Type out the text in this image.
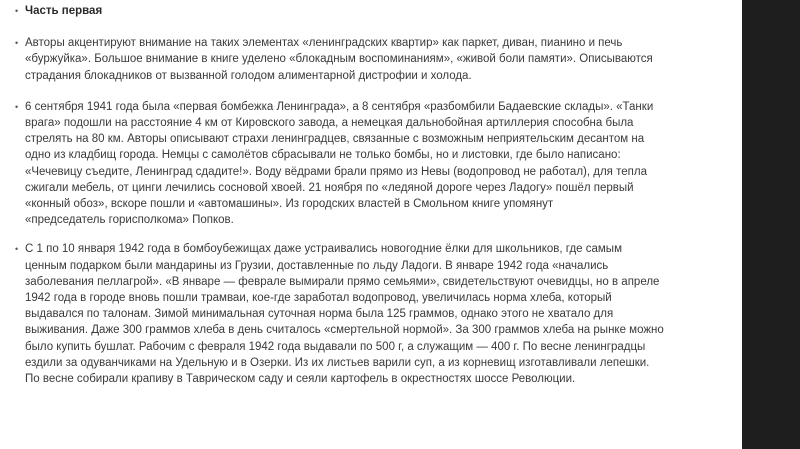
• Часть первая
• Авторы акцентируют внимание на таких элементах «ленинградских квартир» как паркет, диван, пианино и печь
«буржуйка». Большое внимание в книге уделено «блокадным воспоминаниям», «живой боли памяти». Описываются
страдания блокадников от вызванной голодом алиментарной дистрофии и холода.
• 6 сентября 1941 года была «первая бомбежка Ленинграда», а 8 сентября «разбомбили Бадаевские склады». «Танки
врага» подошли на расстояние 4 км от Кировского завода, а немецкая дальнобойная артиллерия способна была
стрелять на 80 км. Авторы описывают страхи ленинградцев, связанные с возможным неприятельским десантом на
одно из кладбищ города. Немцы с самолётов сбрасывали не только бомбы, но и листовки, где было написано:
«Чечевицу съедите, Ленинград сдадите!». Воду вёдрами брали прямо из Невы (водопровод не работал), для тепла
сжигали мебель, от цинги лечились сосновой хвоей. 21 ноября по «ледяной дороге через Ладогу» пошёл первый
«конный обоз», вскоре пошли и «автомашины». Из городских властей в Смольном книге упомянут
«председатель горисполкома» Попков.
• С 1 по 10 января 1942 года в бомбоубежищах даже устраивались новогодние ёлки для школьников, где самым
ценным подарком были мандарины из Грузии, доставленные по льду Ладоги. В январе 1942 года «начались
заболевания пеллагрой». «В январе — феврале вымирали прямо семьями», свидетельствуют очевидцы, но в апреле
1942 года в городе вновь пошли трамваи, кое-где заработал водопровод, увеличилась норма хлеба, который
выдавался по талонам. Зимой минимальная суточная норма была 125 граммов, однако этого не хватало для
выживания. Даже 300 граммов хлеба в день считалось «смертельной нормой». За 300 граммов хлеба на рынке можно
было купить бушлат. Рабочим с февраля 1942 года выдавали по 500 г, а служащим — 400 г. По весне ленинградцы
ездили за одуванчиками на Удельную и в Озерки. Из их листьев варили суп, а из корневищ изготавливали лепешки.
По весне собирали крапиву в Таврическом саду и сеяли картофель в окрестностях шоссе Революции.
